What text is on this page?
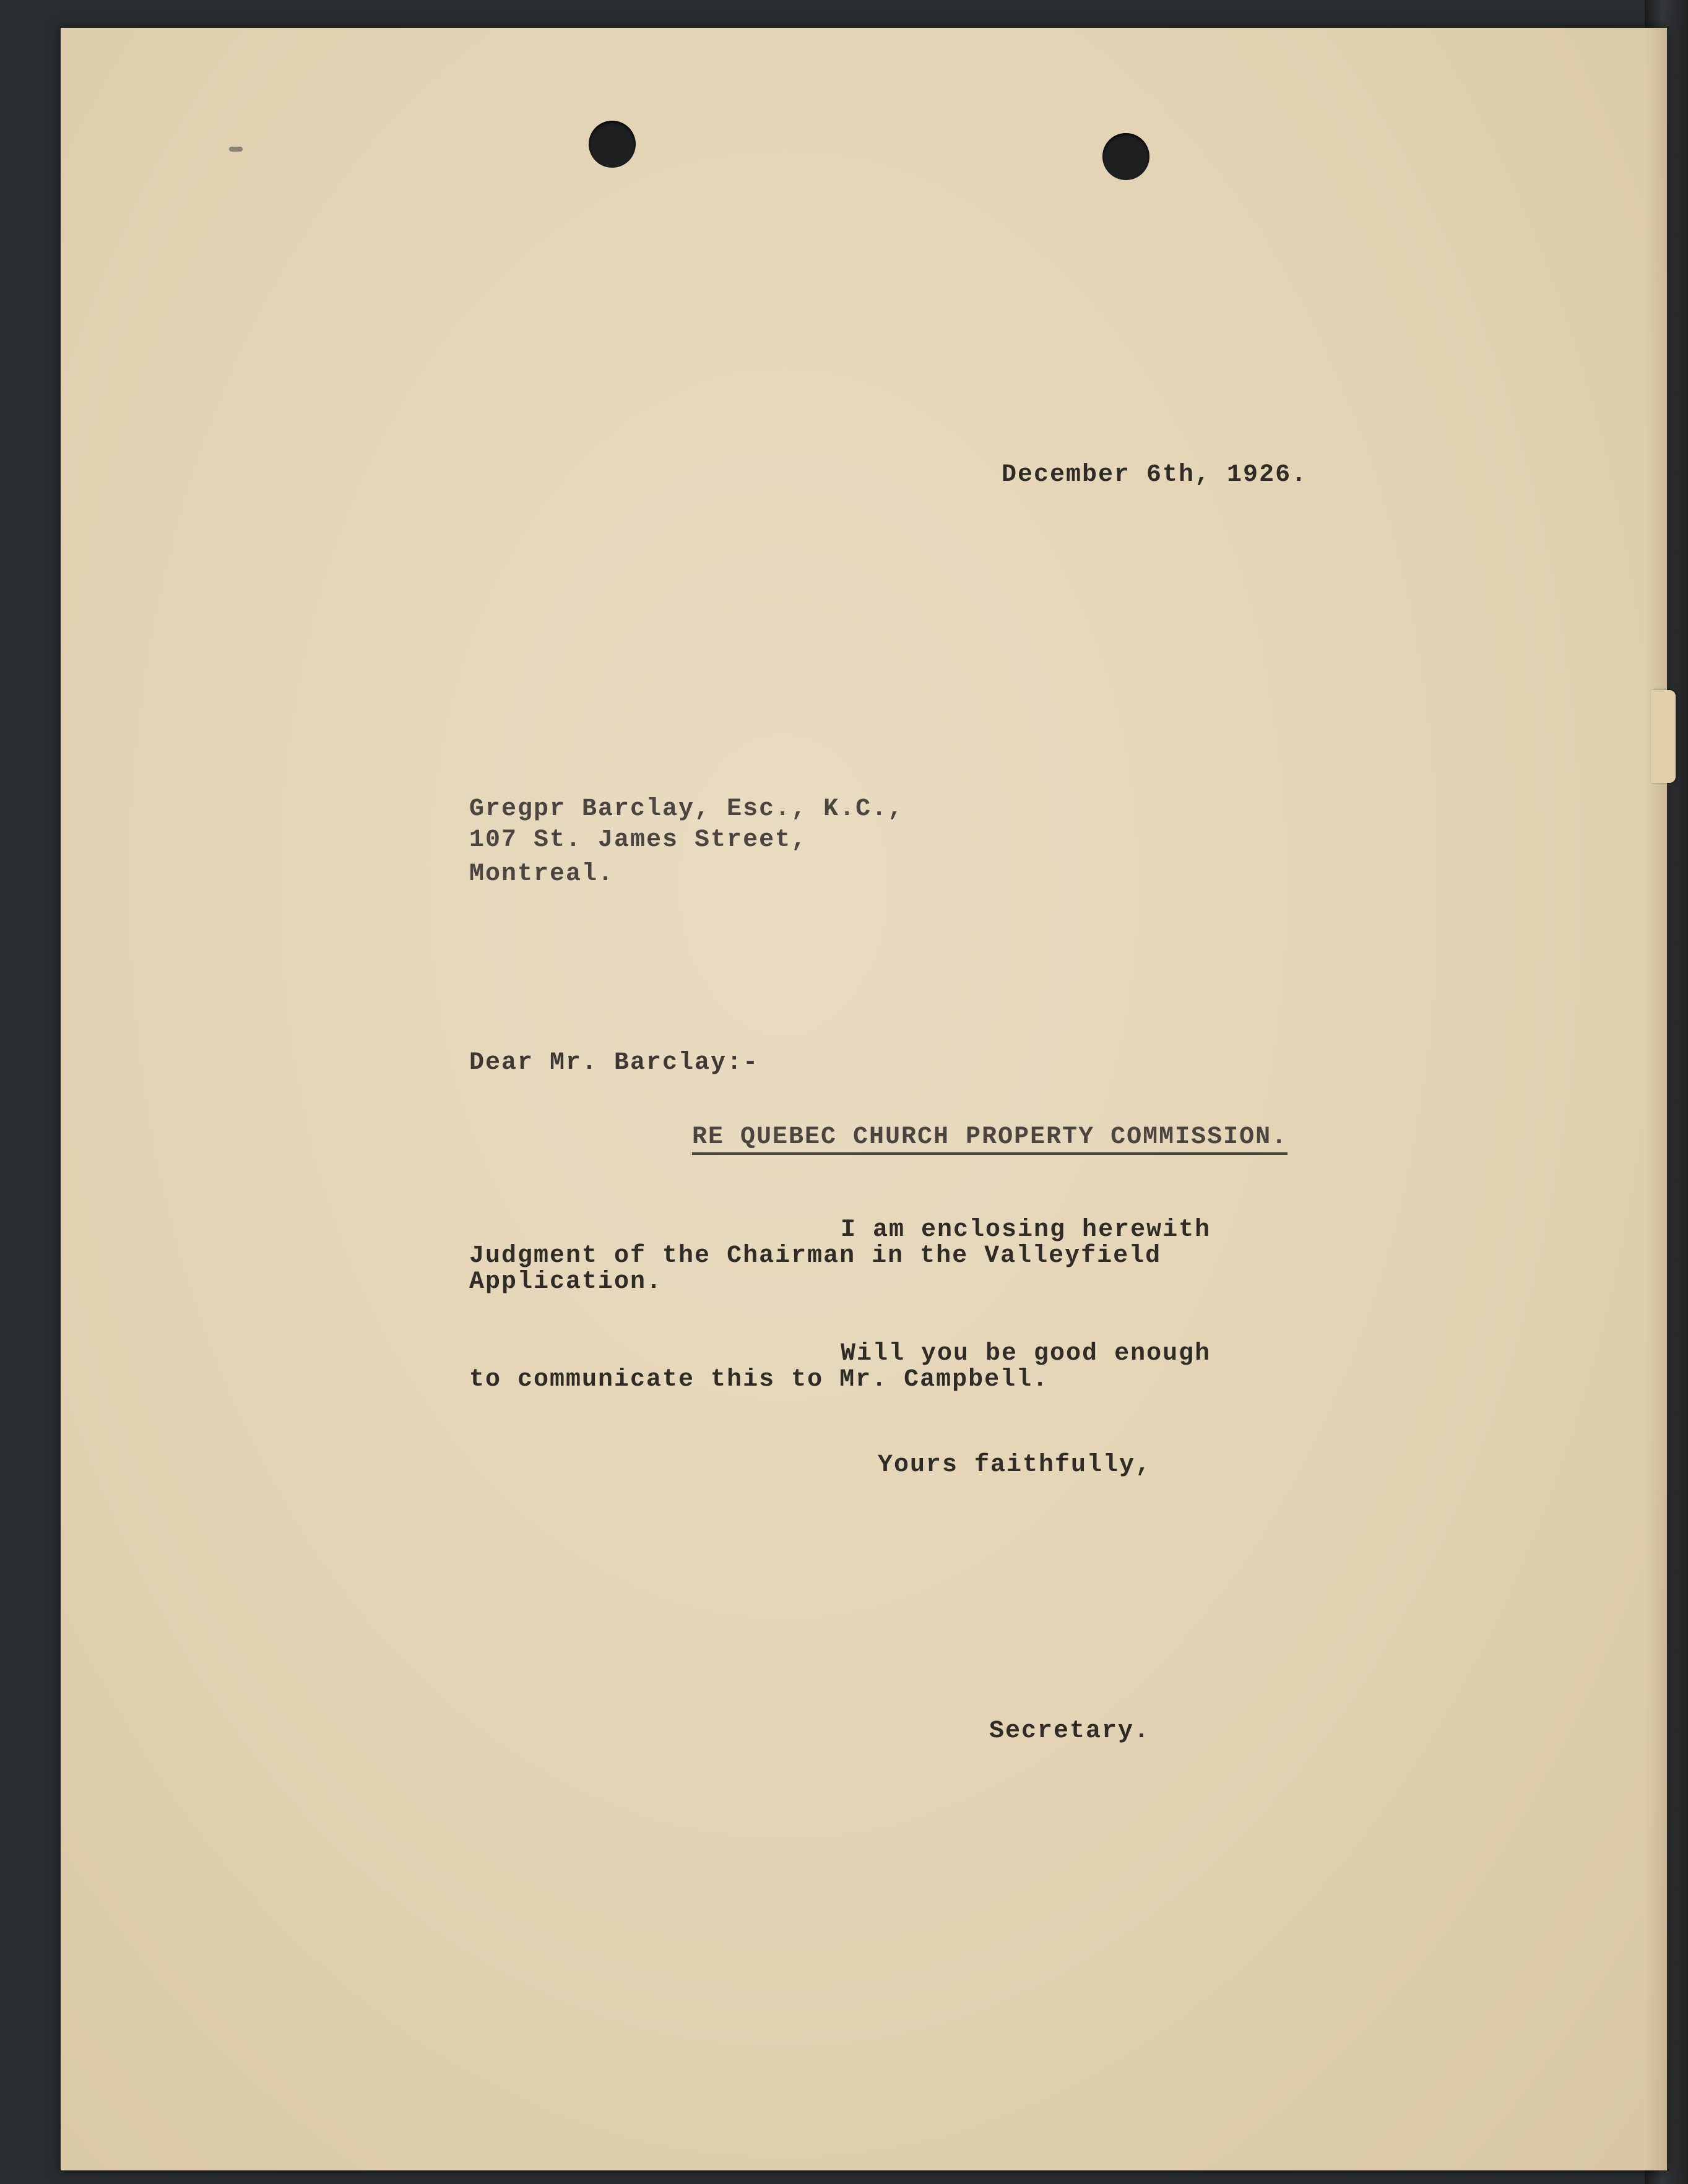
December 6th, 1926.

Gregpr Barclay, Esc., K.C.,

107 St. James Street,

Montreal.

Dear Mr. Barclay:-

RE QUEBEC CHURCH PROPERTY COMMISSION.

I am enclosing herewith

Judgment of the Chairman in the Valleyfield

Application.

Will you be good enough

to communicate this to Mr. Campbell.

Yours faithfully,

Secretary.
